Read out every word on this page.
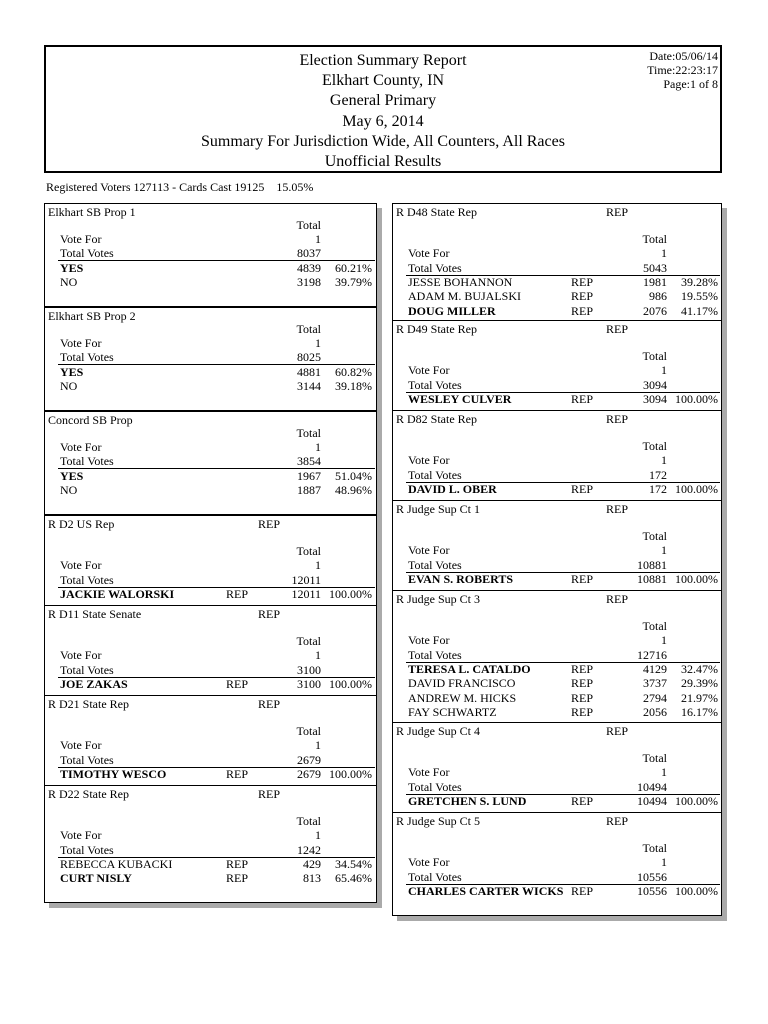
Election Summary Report
Elkhart County, IN
General Primary
May 6, 2014
Summary For Jurisdiction Wide, All Counters, All Races
Unofficial Results
Date:05/06/14
Time:22:23:17
Page:1 of 8
Registered Voters 127113 - Cards Cast 19125    15.05%
Elkhart SB Prop 1
Total
Vote For	1
Total Votes	8037
YES	4839 60.21%
NO	3198 39.79%
Elkhart SB Prop 2
Total
Vote For	1
Total Votes	8025
YES	4881 60.82%
NO	3144 39.18%
Concord SB Prop
Total
Vote For	1
Total Votes	3854
YES	1967 51.04%
NO	1887 48.96%
R D2 US Rep	REP
Total
Vote For	1
Total Votes	12011
JACKIE WALORSKI	REP	12011 100.00%
R D11 State Senate	REP
Total
Vote For	1
Total Votes	3100
JOE ZAKAS	REP	3100 100.00%
R D21 State Rep	REP
Total
Vote For	1
Total Votes	2679
TIMOTHY WESCO	REP	2679 100.00%
R D22 State Rep	REP
Total
Vote For	1
Total Votes	1242
REBECCA KUBACKI	REP	429 34.54%
CURT NISLY	REP	813 65.46%
R D48 State Rep	REP
Total
Vote For	1
Total Votes	5043
JESSE BOHANNON	REP	1981 39.28%
ADAM M. BUJALSKI	REP	986 19.55%
DOUG MILLER	REP	2076 41.17%
R D49 State Rep	REP
Total
Vote For	1
Total Votes	3094
WESLEY CULVER	REP	3094 100.00%
R D82 State Rep	REP
Total
Vote For	1
Total Votes	172
DAVID L. OBER	REP	172 100.00%
R Judge Sup Ct 1	REP
Total
Vote For	1
Total Votes	10881
EVAN S. ROBERTS	REP	10881 100.00%
R Judge Sup Ct 3	REP
Total
Vote For	1
Total Votes	12716
TERESA L. CATALDO	REP	4129 32.47%
DAVID FRANCISCO	REP	3737 29.39%
ANDREW M. HICKS	REP	2794 21.97%
FAY SCHWARTZ	REP	2056 16.17%
R Judge Sup Ct 4	REP
Total
Vote For	1
Total Votes	10494
GRETCHEN S. LUND	REP	10494 100.00%
R Judge Sup Ct 5	REP
Total
Vote For	1
Total Votes	10556
CHARLES CARTER WICKS REP	10556 100.00%
